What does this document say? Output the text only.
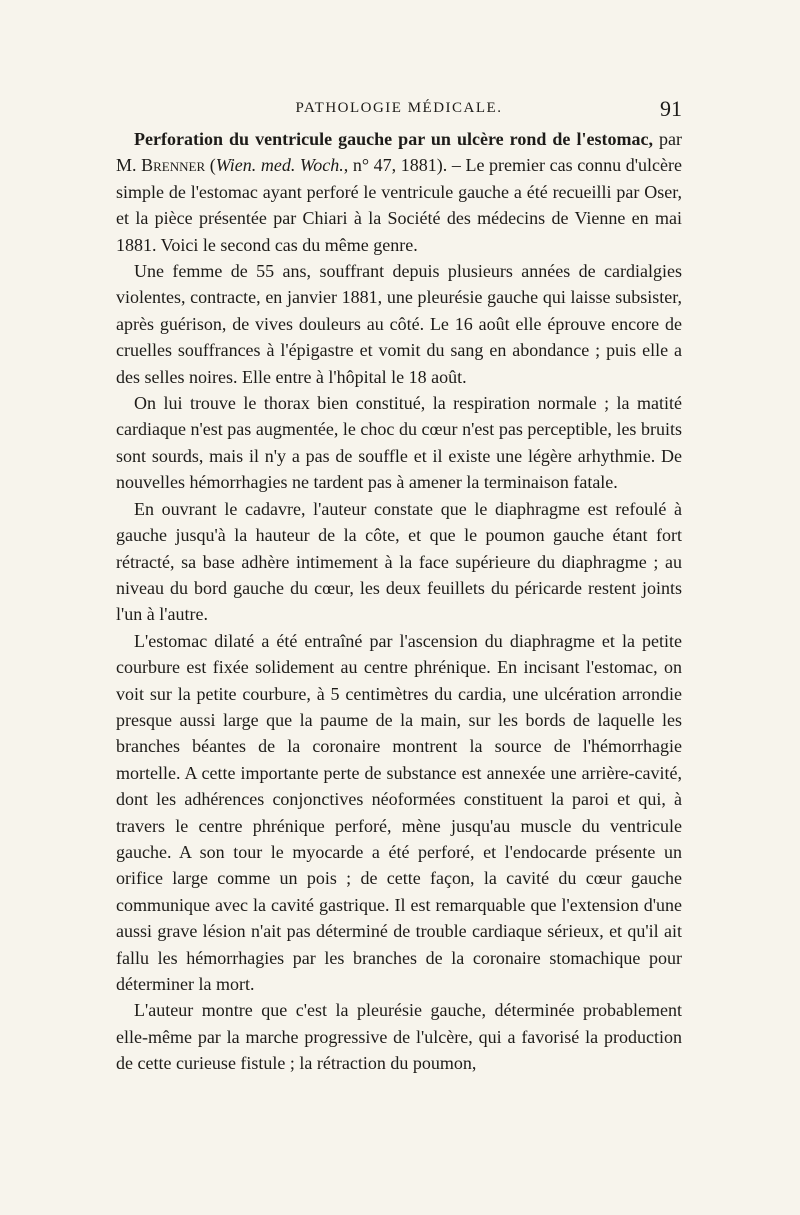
PATHOLOGIE MÉDICALE.	91

Perforation du ventricule gauche par un ulcère rond de l'estomac, par M. Brenner (Wien. med. Woch., n° 47, 1881). – Le premier cas connu d'ulcère simple de l'estomac ayant perforé le ventricule gauche a été recueilli par Oser, et la pièce présentée par Chiari à la Société des médecins de Vienne en mai 1881. Voici le second cas du même genre.

Une femme de 55 ans, souffrant depuis plusieurs années de cardialgies violentes, contracte, en janvier 1881, une pleurésie gauche qui laisse subsister, après guérison, de vives douleurs au côté. Le 16 août elle éprouve encore de cruelles souffrances à l'épigastre et vomit du sang en abondance ; puis elle a des selles noires. Elle entre à l'hôpital le 18 août.

On lui trouve le thorax bien constitué, la respiration normale ; la matité cardiaque n'est pas augmentée, le choc du cœur n'est pas perceptible, les bruits sont sourds, mais il n'y a pas de souffle et il existe une légère arhythmie. De nouvelles hémorrhagies ne tardent pas à amener la terminaison fatale.

En ouvrant le cadavre, l'auteur constate que le diaphragme est refoulé à gauche jusqu'à la hauteur de la côte, et que le poumon gauche étant fort rétracté, sa base adhère intimement à la face supérieure du diaphragme ; au niveau du bord gauche du cœur, les deux feuillets du péricarde restent joints l'un à l'autre.

L'estomac dilaté a été entraîné par l'ascension du diaphragme et la petite courbure est fixée solidement au centre phrénique. En incisant l'estomac, on voit sur la petite courbure, à 5 centimètres du cardia, une ulcération arrondie presque aussi large que la paume de la main, sur les bords de laquelle les branches béantes de la coronaire montrent la source de l'hémorrhagie mortelle. A cette importante perte de substance est annexée une arrière-cavité, dont les adhérences conjonctives néoformées constituent la paroi et qui, à travers le centre phrénique perforé, mène jusqu'au muscle du ventricule gauche. A son tour le myocarde a été perforé, et l'endocarde présente un orifice large comme un pois ; de cette façon, la cavité du cœur gauche communique avec la cavité gastrique. Il est remarquable que l'extension d'une aussi grave lésion n'ait pas déterminé de trouble cardiaque sérieux, et qu'il ait fallu les hémorrhagies par les branches de la coronaire stomachique pour déterminer la mort.

L'auteur montre que c'est la pleurésie gauche, déterminée probablement elle-même par la marche progressive de l'ulcère, qui a favorisé la production de cette curieuse fistule ; la rétraction du poumon,
